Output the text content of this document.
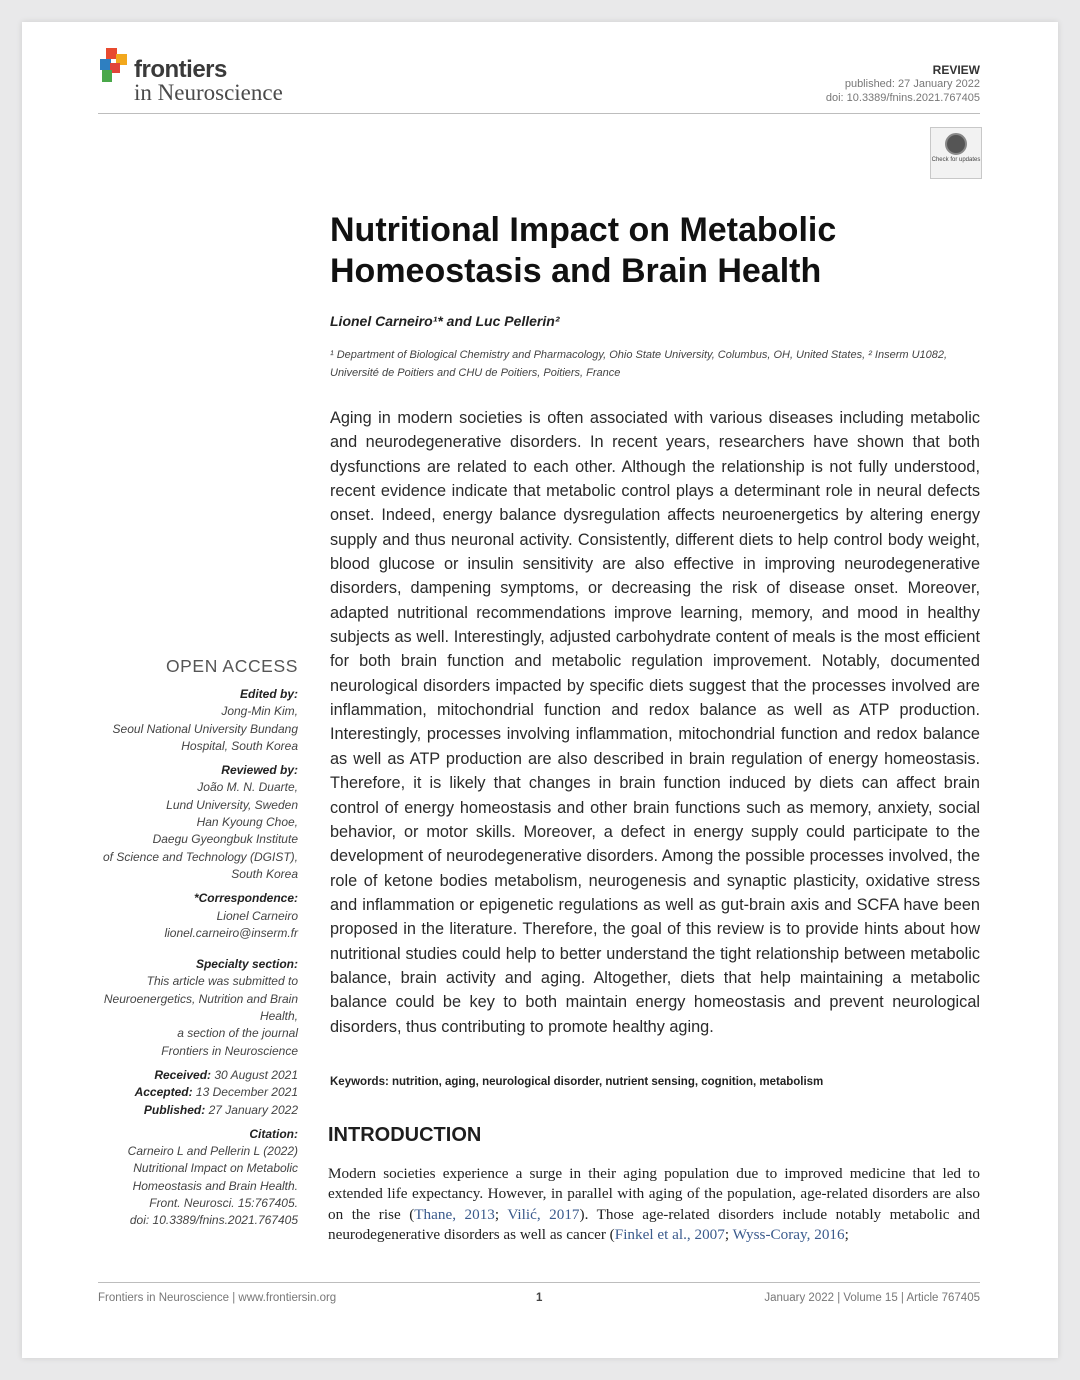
frontiers
in Neuroscience
REVIEW
published: 27 January 2022
doi: 10.3389/fnins.2021.767405
Check for updates
Nutritional Impact on Metabolic Homeostasis and Brain Health
Lionel Carneiro¹* and Luc Pellerin²
¹ Department of Biological Chemistry and Pharmacology, Ohio State University, Columbus, OH, United States, ² Inserm U1082, Université de Poitiers and CHU de Poitiers, Poitiers, France
Aging in modern societies is often associated with various diseases including metabolic and neurodegenerative disorders. In recent years, researchers have shown that both dysfunctions are related to each other. Although the relationship is not fully understood, recent evidence indicate that metabolic control plays a determinant role in neural defects onset. Indeed, energy balance dysregulation affects neuroenergetics by altering energy supply and thus neuronal activity. Consistently, different diets to help control body weight, blood glucose or insulin sensitivity are also effective in improving neurodegenerative disorders, dampening symptoms, or decreasing the risk of disease onset. Moreover, adapted nutritional recommendations improve learning, memory, and mood in healthy subjects as well. Interestingly, adjusted carbohydrate content of meals is the most efficient for both brain function and metabolic regulation improvement. Notably, documented neurological disorders impacted by specific diets suggest that the processes involved are inflammation, mitochondrial function and redox balance as well as ATP production. Interestingly, processes involving inflammation, mitochondrial function and redox balance as well as ATP production are also described in brain regulation of energy homeostasis. Therefore, it is likely that changes in brain function induced by diets can affect brain control of energy homeostasis and other brain functions such as memory, anxiety, social behavior, or motor skills. Moreover, a defect in energy supply could participate to the development of neurodegenerative disorders. Among the possible processes involved, the role of ketone bodies metabolism, neurogenesis and synaptic plasticity, oxidative stress and inflammation or epigenetic regulations as well as gut-brain axis and SCFA have been proposed in the literature. Therefore, the goal of this review is to provide hints about how nutritional studies could help to better understand the tight relationship between metabolic balance, brain activity and aging. Altogether, diets that help maintaining a metabolic balance could be key to both maintain energy homeostasis and prevent neurological disorders, thus contributing to promote healthy aging.
Keywords: nutrition, aging, neurological disorder, nutrient sensing, cognition, metabolism
INTRODUCTION
Modern societies experience a surge in their aging population due to improved medicine that led to extended life expectancy. However, in parallel with aging of the population, age-related disorders are also on the rise (Thane, 2013; Vilić, 2017). Those age-related disorders include notably metabolic and neurodegenerative disorders as well as cancer (Finkel et al., 2007; Wyss-Coray, 2016;
OPEN ACCESS
Edited by:
Jong-Min Kim,
Seoul National University Bundang
Hospital, South Korea
Reviewed by:
João M. N. Duarte,
Lund University, Sweden
Han Kyoung Choe,
Daegu Gyeongbuk Institute
of Science and Technology (DGIST),
South Korea
*Correspondence:
Lionel Carneiro
lionel.carneiro@inserm.fr
Specialty section:
This article was submitted to
Neuroenergetics, Nutrition and Brain
Health,
a section of the journal
Frontiers in Neuroscience
Received: 30 August 2021
Accepted: 13 December 2021
Published: 27 January 2022
Citation:
Carneiro L and Pellerin L (2022)
Nutritional Impact on Metabolic
Homeostasis and Brain Health.
Front. Neurosci. 15:767405.
doi: 10.3389/fnins.2021.767405
Frontiers in Neuroscience | www.frontiersin.org	1	January 2022 | Volume 15 | Article 767405
